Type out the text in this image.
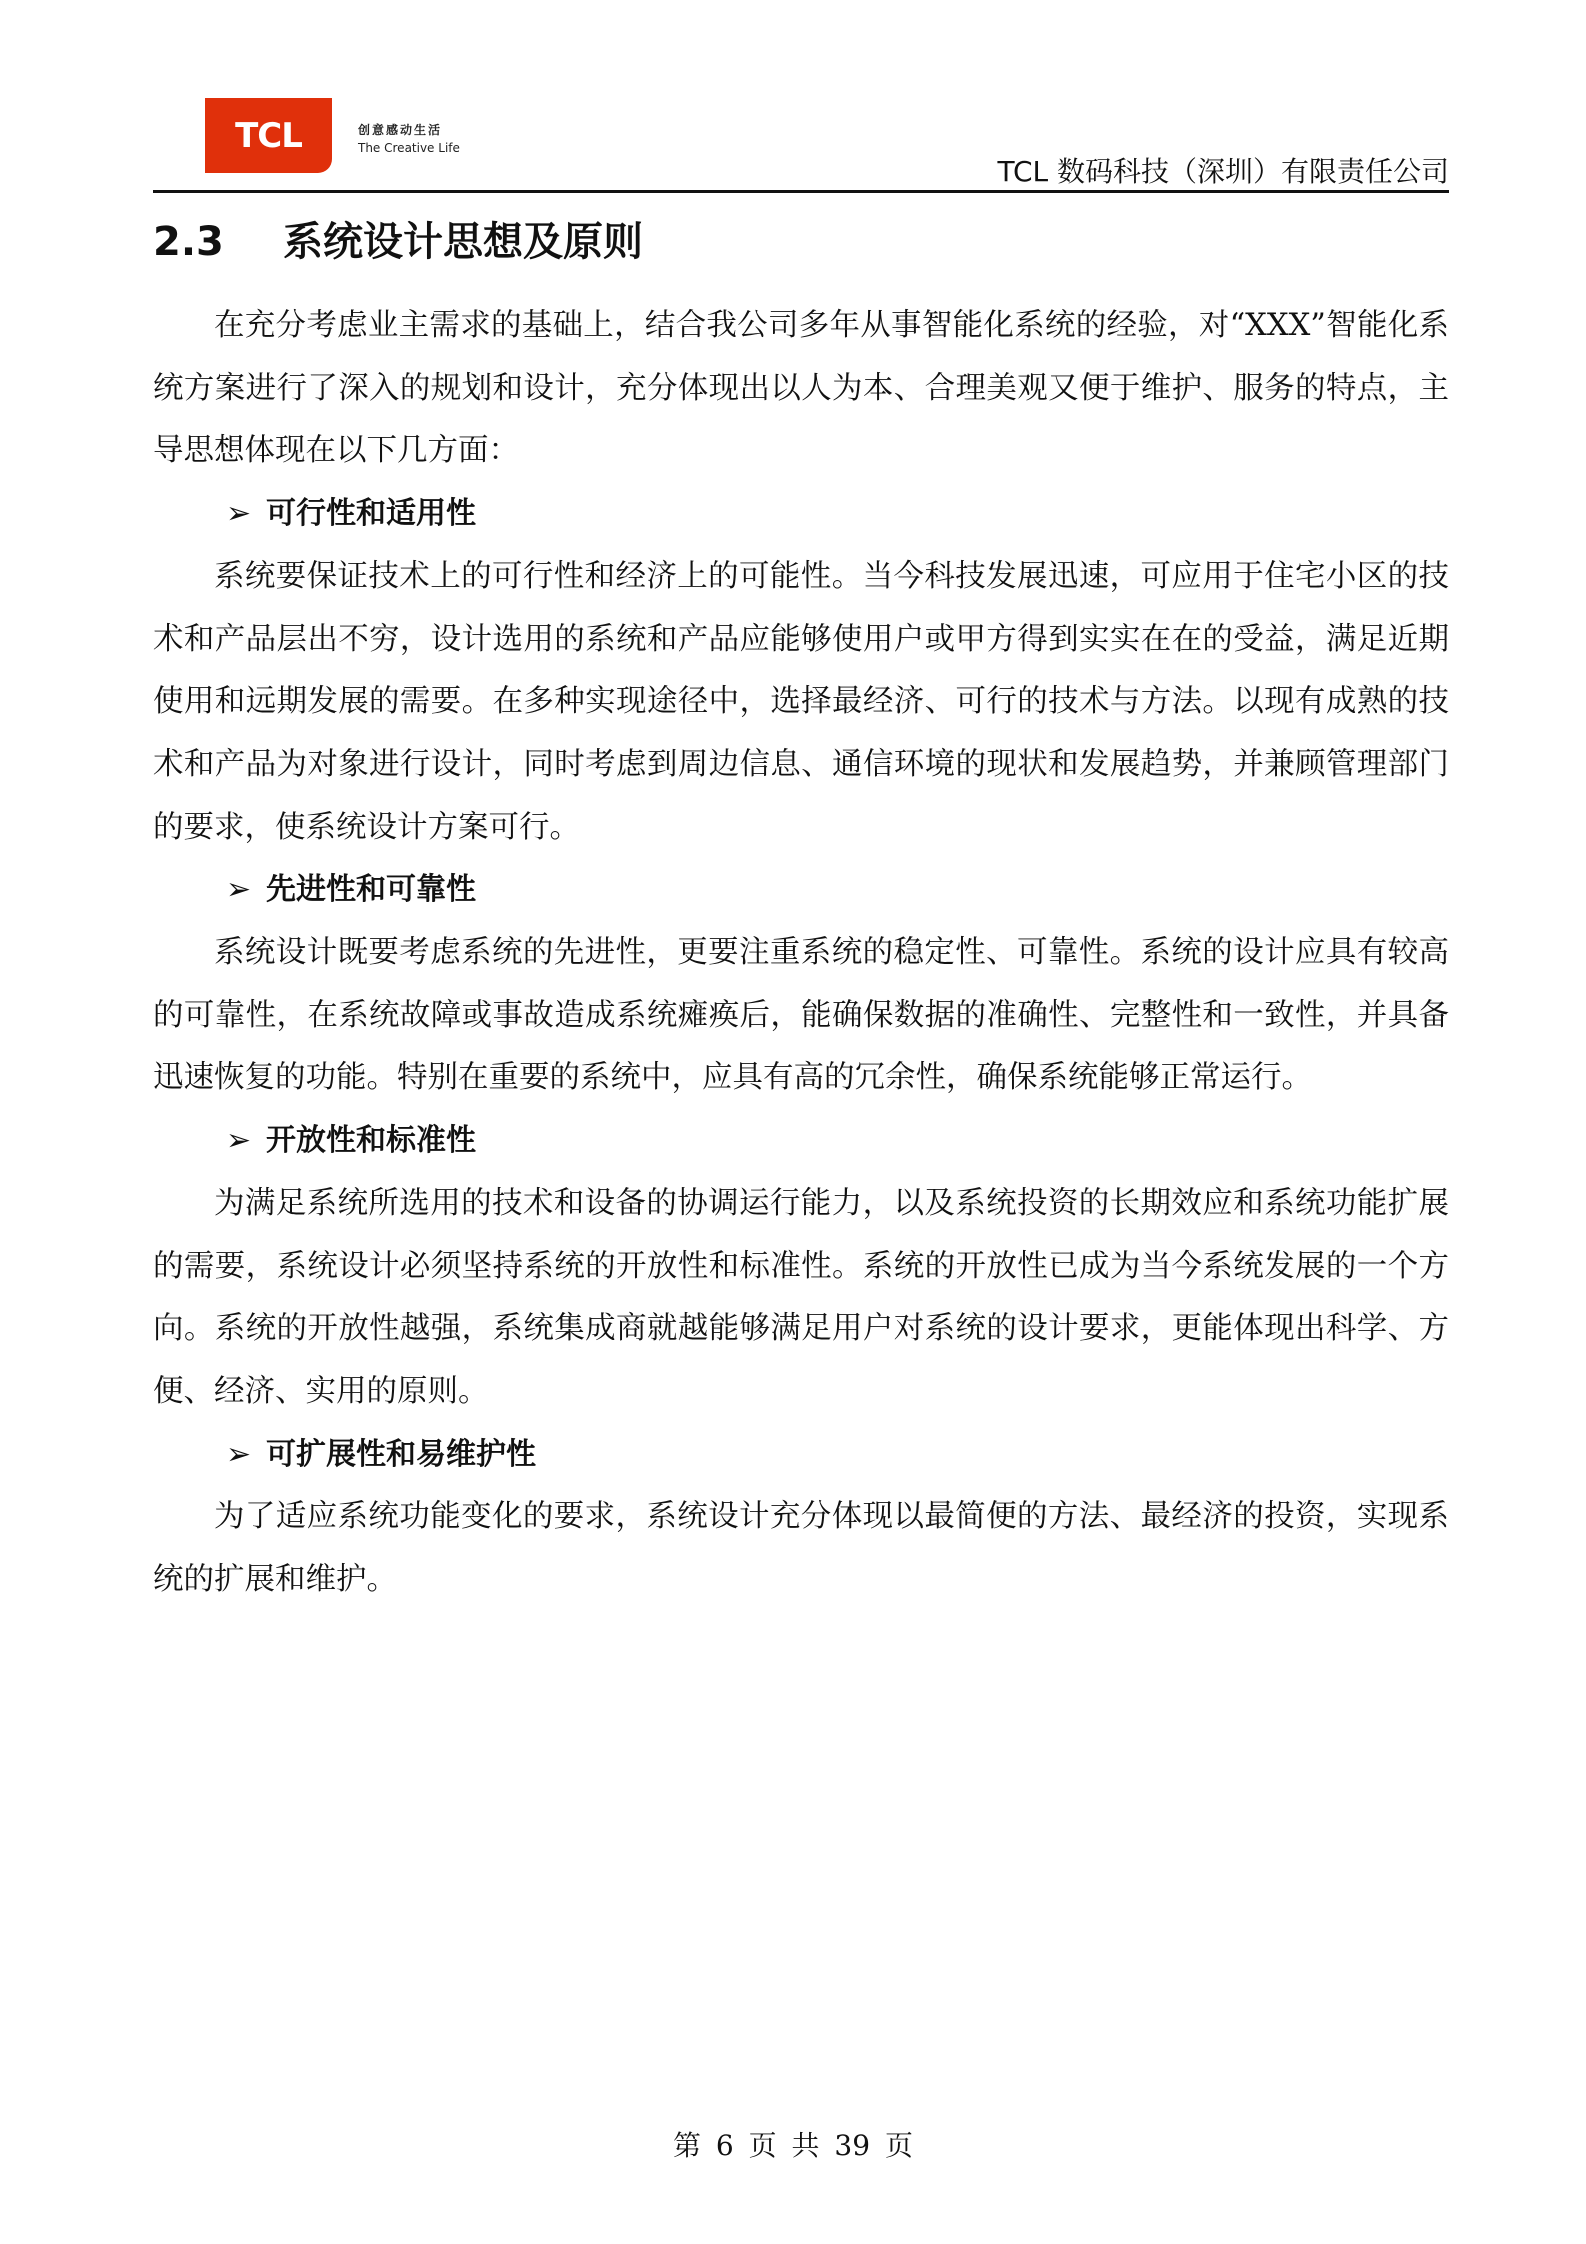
TCL	创意感动生活
The Creative Life
TCL 数码科技（深圳）有限责任公司
2.3 系统设计思想及原则

在充分考虑业主需求的基础上，结合我公司多年从事智能化系统的经验，对“XXX”智能化系统方案进行了深入的规划和设计，充分体现出以人为本、合理美观又便于维护、服务的特点，主导思想体现在以下几方面：

➢ 可行性和适用性

系统要保证技术上的可行性和经济上的可能性。当今科技发展迅速，可应用于住宅小区的技术和产品层出不穷，设计选用的系统和产品应能够使用户或甲方得到实实在在的受益，满足近期使用和远期发展的需要。在多种实现途径中，选择最经济、可行的技术与方法。以现有成熟的技术和产品为对象进行设计，同时考虑到周边信息、通信环境的现状和发展趋势，并兼顾管理部门的要求，使系统设计方案可行。

➢ 先进性和可靠性

系统设计既要考虑系统的先进性，更要注重系统的稳定性、可靠性。系统的设计应具有较高的可靠性，在系统故障或事故造成系统瘫痪后，能确保数据的准确性、完整性和一致性，并具备迅速恢复的功能。特别在重要的系统中，应具有高的冗余性，确保系统能够正常运行。

➢ 开放性和标准性

为满足系统所选用的技术和设备的协调运行能力，以及系统投资的长期效应和系统功能扩展的需要，系统设计必须坚持系统的开放性和标准性。系统的开放性已成为当今系统发展的一个方向。系统的开放性越强，系统集成商就越能够满足用户对系统的设计要求，更能体现出科学、方便、经济、实用的原则。

➢ 可扩展性和易维护性

为了适应系统功能变化的要求，系统设计充分体现以最简便的方法、最经济的投资，实现系统的扩展和维护。

第 6 页 共 39 页
